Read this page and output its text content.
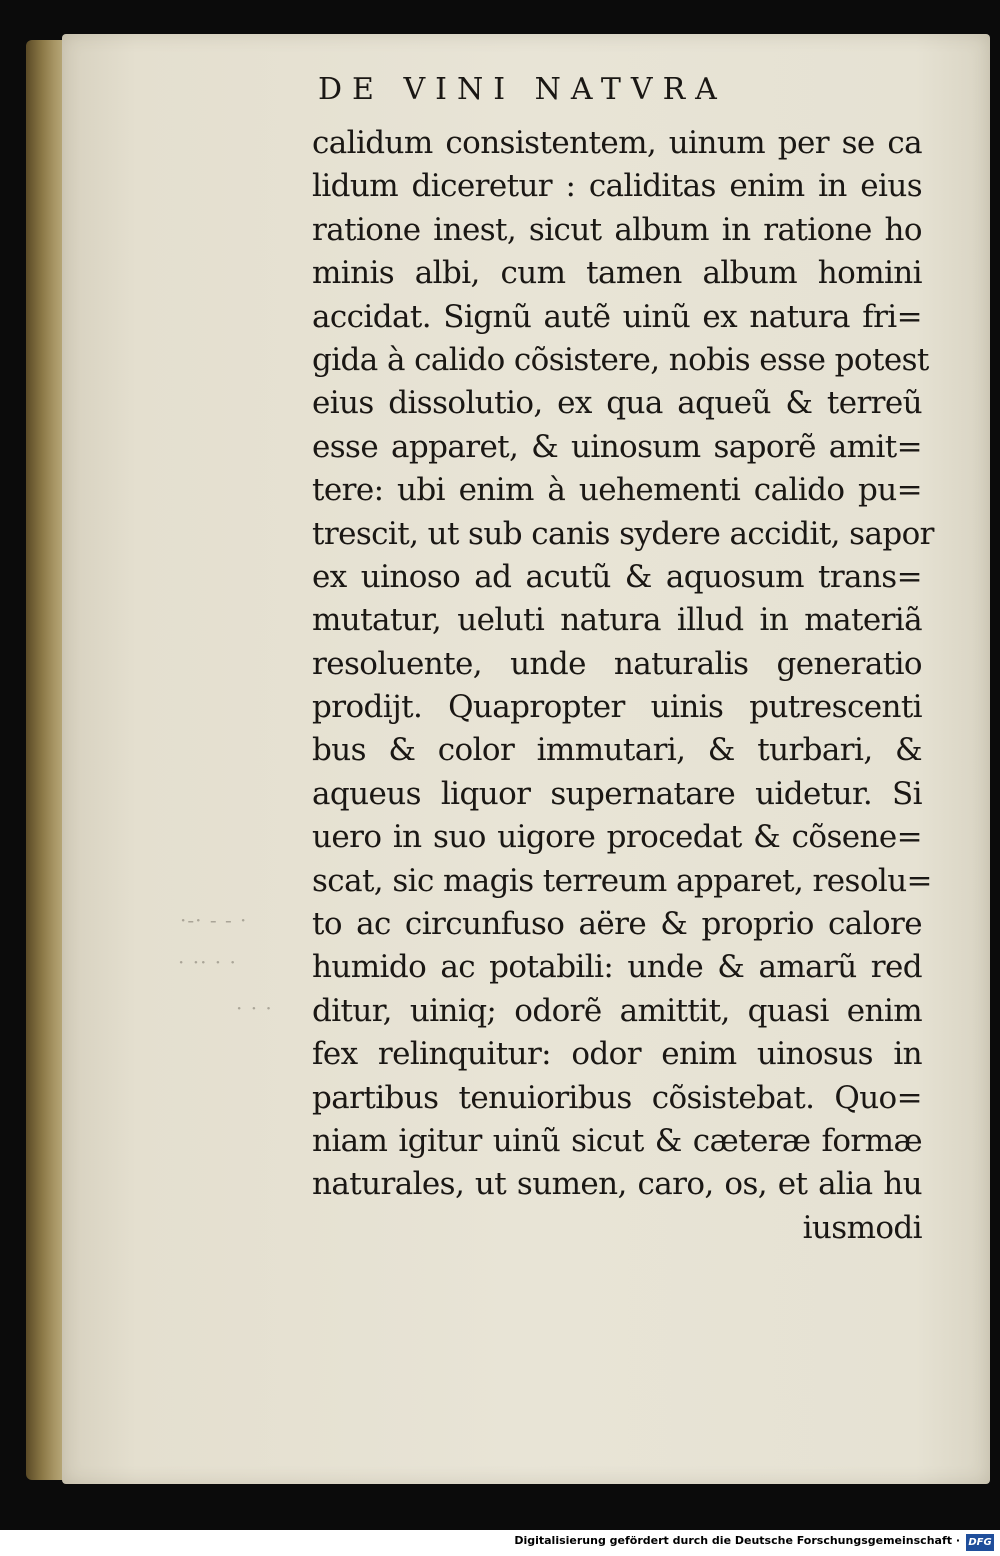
·‑· ‑ ‑ ·
· ·· · ·
· · ·
DE VINI NATVRA
calidum consistentem, uinum per se ca
lidum diceretur : caliditas enim in eius
ratione inest, sicut album in ratione ho
minis albi, cum tamen album homini
accidat. Signũ autẽ uinũ ex natura fri=
gida à calido cõsistere, nobis esse potest
eius dissolutio, ex qua aqueũ & terreũ
esse apparet, & uinosum saporẽ amit=
tere: ubi enim à uehementi calido pu=
trescit, ut sub canis sydere accidit, sapor
ex uinoso ad acutũ & aquosum trans=
mutatur, ueluti natura illud in materiã
resoluente, unde naturalis generatio
prodijt. Quapropter uinis putrescenti
bus & color immutari, & turbari, &
aqueus liquor supernatare uidetur. Si
uero in suo uigore procedat & cõsene=
scat, sic magis terreum apparet, resolu=
to ac circunfuso aëre & proprio calore
humido ac potabili: unde & amarũ red
ditur, uiniq; odorẽ amittit, quasi enim
fex relinquitur: odor enim uinosus in
partibus tenuioribus cõsistebat. Quo=
niam igitur uinũ sicut & cæteræ formæ
naturales, ut sumen, caro, os, et alia hu
iusmodi
Digitalisierung gefördert durch die Deutsche Forschungsgemeinschaft · DFG
